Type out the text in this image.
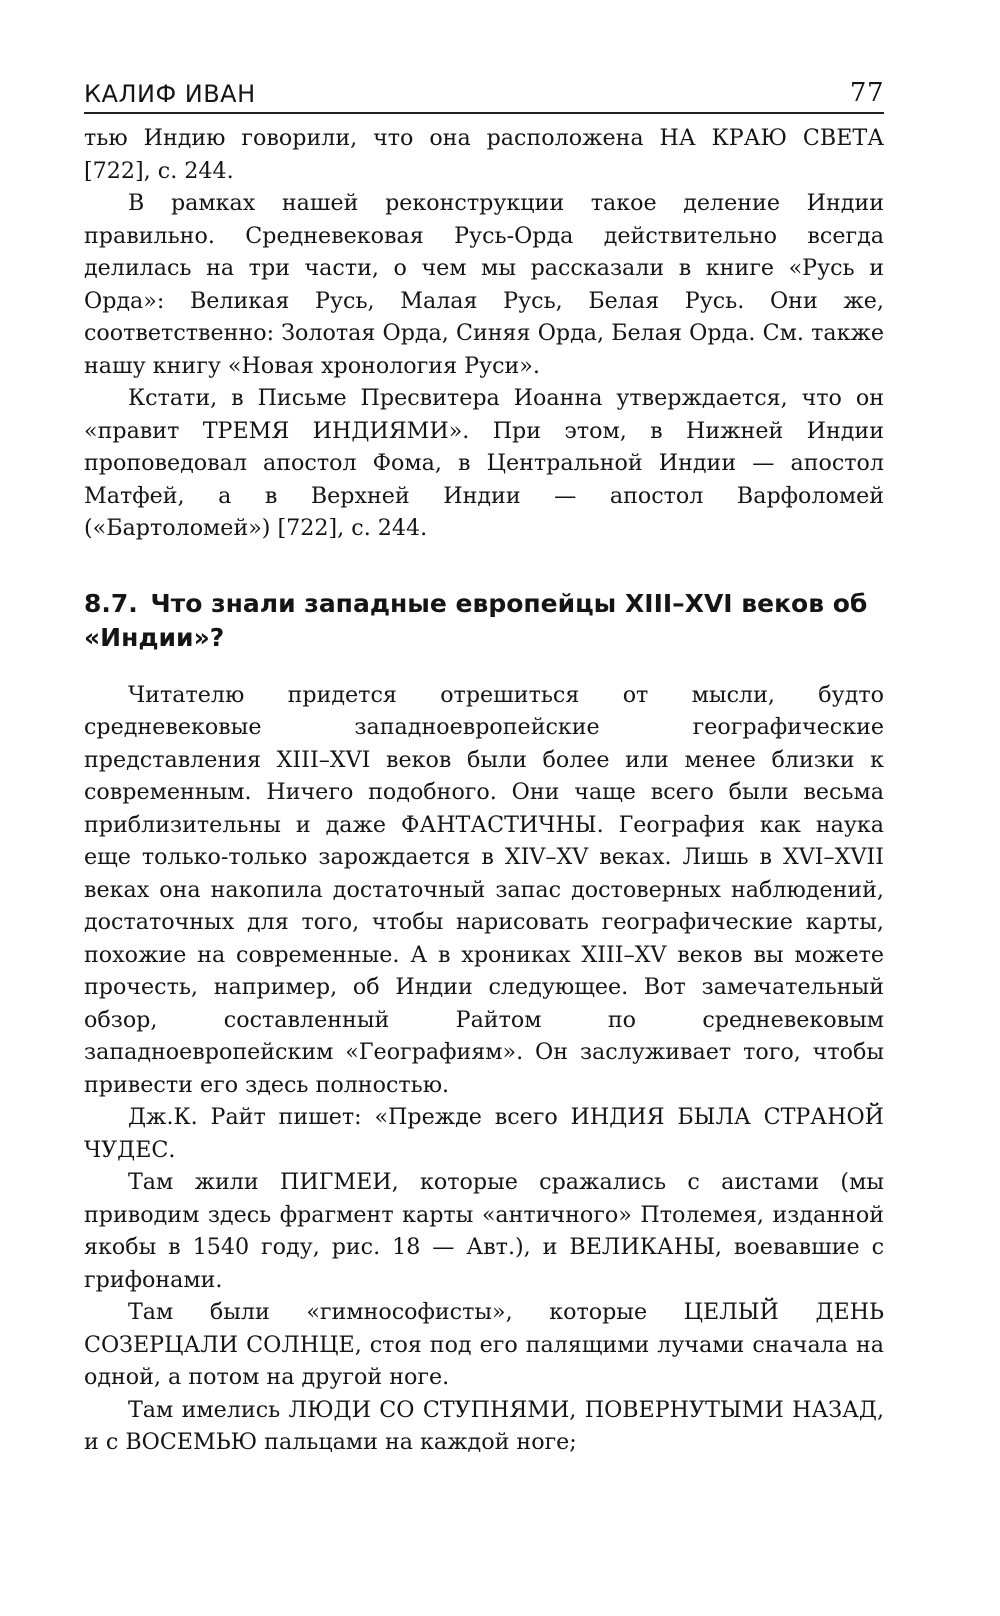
КАЛИФ ИВАН	77

тью Индию говорили, что она расположена НА КРАЮ СВЕТА [722], с. 244.

В рамках нашей реконструкции такое деление Индии правильно. Средневековая Русь-Орда действительно всегда делилась на три части, о чем мы рассказали в книге «Русь и Орда»: Великая Русь, Малая Русь, Белая Русь. Они же, соответственно: Золотая Орда, Синяя Орда, Белая Орда. См. также нашу книгу «Новая хронология Руси».

Кстати, в Письме Пресвитера Иоанна утверждается, что он «правит ТРЕМЯ ИНДИЯМИ». При этом, в Нижней Индии проповедовал апостол Фома, в Центральной Индии — апостол Матфей, а в Верхней Индии — апостол Варфоломей («Бартоломей») [722], с. 244.

8.7. Что знали западные европейцы XIII–XVI веков об «Индии»?

Читателю придется отрешиться от мысли, будто средневековые западноевропейские географические представления XIII–XVI веков были более или менее близки к современным. Ничего подобного. Они чаще всего были весьма приблизительны и даже ФАНТАСТИЧНЫ. География как наука еще только-только зарождается в XIV–XV веках. Лишь в XVI–XVII веках она накопила достаточный запас достоверных наблюдений, достаточных для того, чтобы нарисовать географические карты, похожие на современные. А в хрониках XIII–XV веков вы можете прочесть, например, об Индии следующее. Вот замечательный обзор, составленный Райтом по средневековым западноевропейским «Географиям». Он заслуживает того, чтобы привести его здесь полностью.

Дж.К. Райт пишет: «Прежде всего ИНДИЯ БЫЛА СТРАНОЙ ЧУДЕС.

Там жили ПИГМЕИ, которые сражались с аистами (мы приводим здесь фрагмент карты «античного» Птолемея, изданной якобы в 1540 году, рис. 18 — Авт.), и ВЕЛИКАНЫ, воевавшие с грифонами.

Там были «гимнософисты», которые ЦЕЛЫЙ ДЕНЬ СОЗЕРЦАЛИ СОЛНЦЕ, стоя под его палящими лучами сначала на одной, а потом на другой ноге.

Там имелись ЛЮДИ СО СТУПНЯМИ, ПОВЕРНУТЫМИ НАЗАД, и с ВОСЕМЬЮ пальцами на каждой ноге;
